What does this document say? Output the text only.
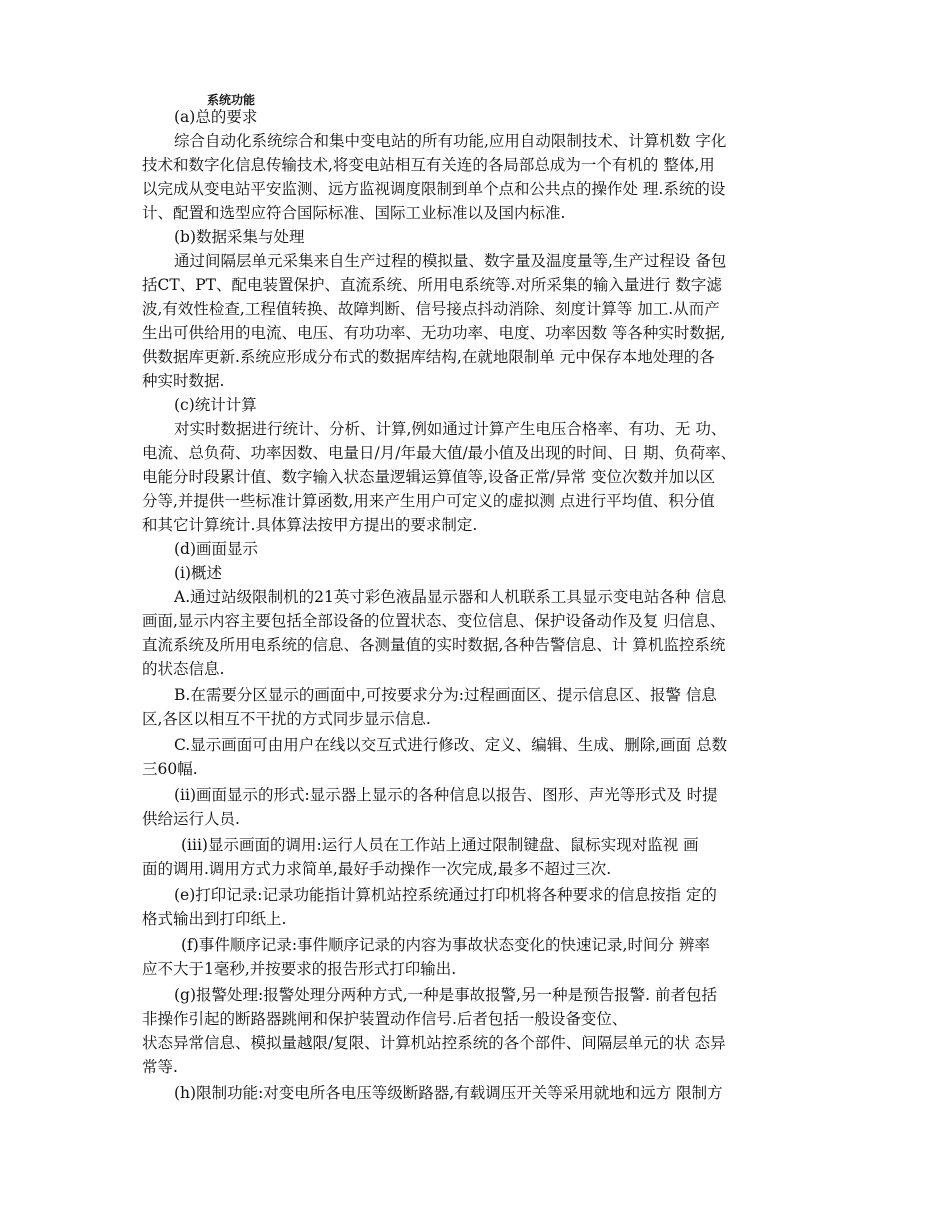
系统功能
(a)总的要求
综合自动化系统综合和集中变电站的所有功能,应用自动限制技术、计算机数 字化
技术和数字化信息传输技术,将变电站相互有关连的各局部总成为一个有机的 整体,用
以完成从变电站平安监测、远方监视调度限制到单个点和公共点的操作处 理.系统的设
计、配置和选型应符合国际标准、国际工业标准以及国内标准.
(b)数据采集与处理
通过间隔层单元采集来自生产过程的模拟量、数字量及温度量等,生产过程设 备包
括CT、PT、配电装置保护、直流系统、所用电系统等.对所采集的输入量进行 数字滤
波,有效性检查,工程值转换、故障判断、信号接点抖动消除、刻度计算等 加工.从而产
生出可供给用的电流、电压、有功功率、无功功率、电度、功率因数 等各种实时数据,
供数据库更新.系统应形成分布式的数据库结构,在就地限制单 元中保存本地处理的各
种实时数据.
(c)统计计算
对实时数据进行统计、分析、计算,例如通过计算产生电压合格率、有功、无 功、
电流、总负荷、功率因数、电量日/月/年最大值/最小值及出现的时间、日 期、负荷率、
电能分时段累计值、数字输入状态量逻辑运算值等,设备正常/异常 变位次数并加以区
分等,并提供一些标准计算函数,用来产生用户可定义的虚拟测 点进行平均值、积分值
和其它计算统计.具体算法按甲方提出的要求制定.
(d)画面显示
(i)概述
A.通过站级限制机的21英寸彩色液晶显示器和人机联系工具显示变电站各种 信息
画面,显示内容主要包括全部设备的位置状态、变位信息、保护设备动作及复 归信息、
直流系统及所用电系统的信息、各测量值的实时数据,各种告警信息、计 算机监控系统
的状态信息.
B.在需要分区显示的画面中,可按要求分为:过程画面区、提示信息区、报警 信息
区,各区以相互不干扰的方式同步显示信息.
C.显示画面可由用户在线以交互式进行修改、定义、编辑、生成、删除,画面 总数
三60幅.
(ii)画面显示的形式:显示器上显示的各种信息以报告、图形、声光等形式及 时提
供给运行人员.
(iii)显示画面的调用:运行人员在工作站上通过限制键盘、鼠标实现对监视 画
面的调用.调用方式力求简单,最好手动操作一次完成,最多不超过三次.
(e)打印记录:记录功能指计算机站控系统通过打印机将各种要求的信息按指 定的
格式输出到打印纸上.
(f)事件顺序记录:事件顺序记录的内容为事故状态变化的快速记录,时间分 辨率
应不大于1毫秒,并按要求的报告形式打印输出.
(g)报警处理:报警处理分两种方式,一种是事故报警,另一种是预告报警. 前者包括
非操作引起的断路器跳闸和保护装置动作信号.后者包括一般设备变位、
状态异常信息、模拟量越限/复限、计算机站控系统的各个部件、间隔层单元的状 态异
常等.
(h)限制功能:对变电所各电压等级断路器,有载调压开关等采用就地和远方 限制方
